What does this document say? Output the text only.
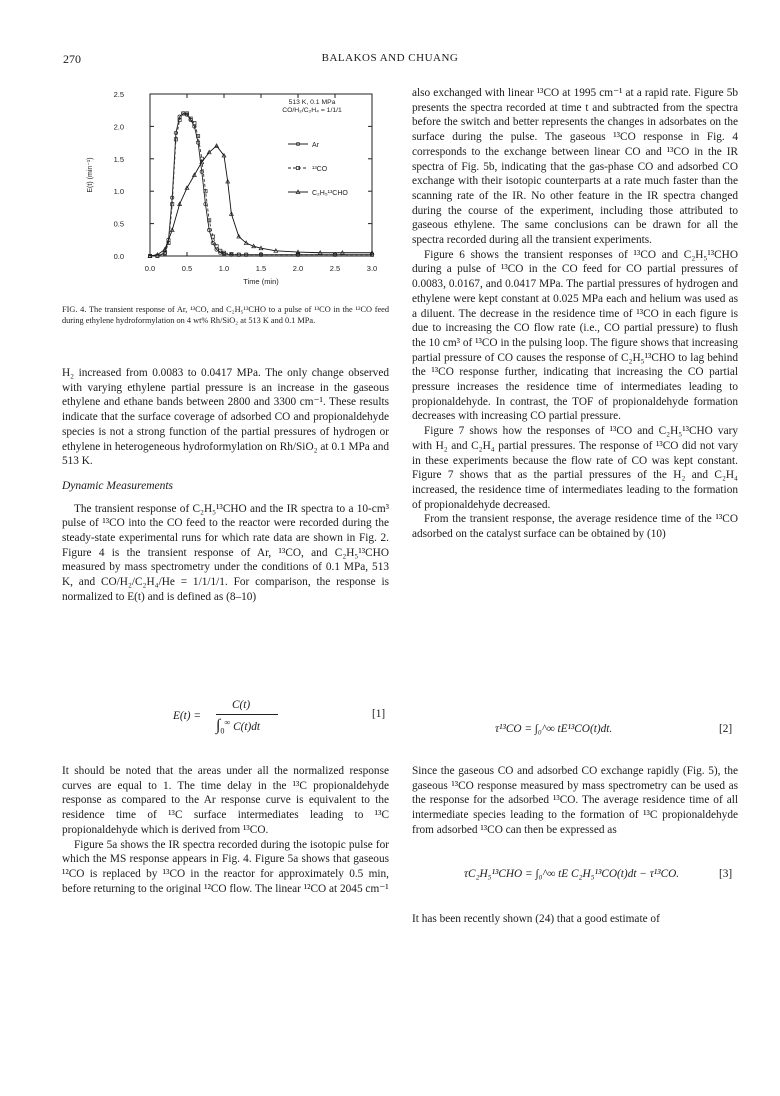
270	BALAKOS AND CHUANG
0.0	0.5	1.0	1.5	2.0	2.5	3.0
0.0
0.5
1.0
1.5
2.0
2.5
Time (min)
E(t) (min⁻¹)
513 K, 0.1 MPa
CO/H₂/C₂H₄ = 1/1/1
Ar
¹³CO
C₂H₅¹³CHO
FIG. 4. The transient response of Ar, ¹³CO, and C₂H₅¹³CHO to a pulse of ¹³CO in the ¹²CO feed during ethylene hydroformylation on 4 wt% Rh/SiO₂ at 513 K and 0.1 MPa.

H₂ increased from 0.0083 to 0.0417 MPa. The only change observed with varying ethylene partial pressure is an increase in the gaseous ethylene and ethane bands between 2800 and 3300 cm⁻¹. These results indicate that the surface coverage of adsorbed CO and propionaldehyde species is not a strong function of the partial pressures of hydrogen or ethylene in heterogeneous hydroformylation on Rh/SiO₂ at 0.1 MPa and 513 K.

Dynamic Measurements

The transient response of C₂H₅¹³CHO and the IR spectra to a 10-cm³ pulse of ¹³CO into the CO feed to the reactor were recorded during the steady-state experimental runs for which rate data are shown in Fig. 2. Figure 4 is the transient response of Ar, ¹³CO, and C₂H₅¹³CHO measured by mass spectrometry under the conditions of 0.1 MPa, 513 K, and CO/H₂/C₂H₄/He = 1/1/1/1. For comparison, the response is normalized to E(t) and is defined as (8–10)

E(t) =
C(t)
$\int_0^\infty$ C(t)dt
[1]

It should be noted that the areas under all the normalized response curves are equal to 1. The time delay in the ¹³C propionaldehyde response as compared to the Ar response curve is equivalent to the residence time of ¹³C surface intermediates leading to ¹³C propionaldehyde which is derived from ¹³CO.

Figure 5a shows the IR spectra recorded during the isotopic pulse for which the MS response appears in Fig. 4. Figure 5a shows that gaseous ¹²CO is replaced by ¹³CO in the reactor for approximately 0.5 min, before returning to the original ¹²CO flow. The linear ¹²CO at 2045 cm⁻¹

also exchanged with linear ¹³CO at 1995 cm⁻¹ at a rapid rate. Figure 5b presents the spectra recorded at time t and subtracted from the spectra before the switch and better represents the changes in adsorbates on the surface during the pulse. The gaseous ¹³CO response in Fig. 4 corresponds to the exchange between linear CO and ¹³CO in the IR spectra of Fig. 5b, indicating that the gas-phase CO and adsorbed CO exchange with their isotopic counterparts at a rate much faster than the scanning rate of the IR. No other feature in the IR spectra changed during the course of the experiment, including those attributed to gaseous ethylene. The same conclusions can be drawn for all the spectra recorded during all the transient experiments.

Figure 6 shows the transient responses of ¹³CO and C₂H₅¹³CHO during a pulse of ¹³CO in the CO feed for CO partial pressures of 0.0083, 0.0167, and 0.0417 MPa. The partial pressures of hydrogen and ethylene were kept constant at 0.025 MPa each and helium was used as a diluent. The decrease in the residence time of ¹³CO in each figure is due to increasing the CO flow rate (i.e., CO partial pressure) to flush the 10 cm³ of ¹³CO in the pulsing loop. The figure shows that increasing partial pressure of CO causes the response of C₂H₅¹³CHO to lag behind the ¹³CO response further, indicating that increasing the CO partial pressure increases the residence time of intermediates leading to propionaldehyde. In contrast, the TOF of propionaldehyde formation decreases with increasing CO partial pressure.

Figure 7 shows how the responses of ¹³CO and C₂H₅¹³CHO vary with H₂ and C₂H₄ partial pressures. The response of ¹³CO did not vary in these experiments because the flow rate of CO was kept constant. Figure 7 shows that as the partial pressures of the H₂ and C₂H₄ increased, the residence time of intermediates leading to the formation of propionaldehyde decreased.

From the transient response, the average residence time of the ¹³CO adsorbed on the catalyst surface can be obtained by (10)

τ¹³CO = ∫₀^∞ tE¹³CO(t)dt.	[2]

Since the gaseous CO and adsorbed CO exchange rapidly (Fig. 5), the gaseous ¹³CO response measured by mass spectrometry can be used as the response for the adsorbed ¹³CO. The average residence time of all intermediate species leading to the formation of ¹³C propionaldehyde from adsorbed ¹³CO can then be expressed as

τC₂H₅¹³CHO = ∫₀^∞ tE C₂H₅¹³CO(t)dt − τ¹³CO.	[3]

It has been recently shown (24) that a good estimate of
